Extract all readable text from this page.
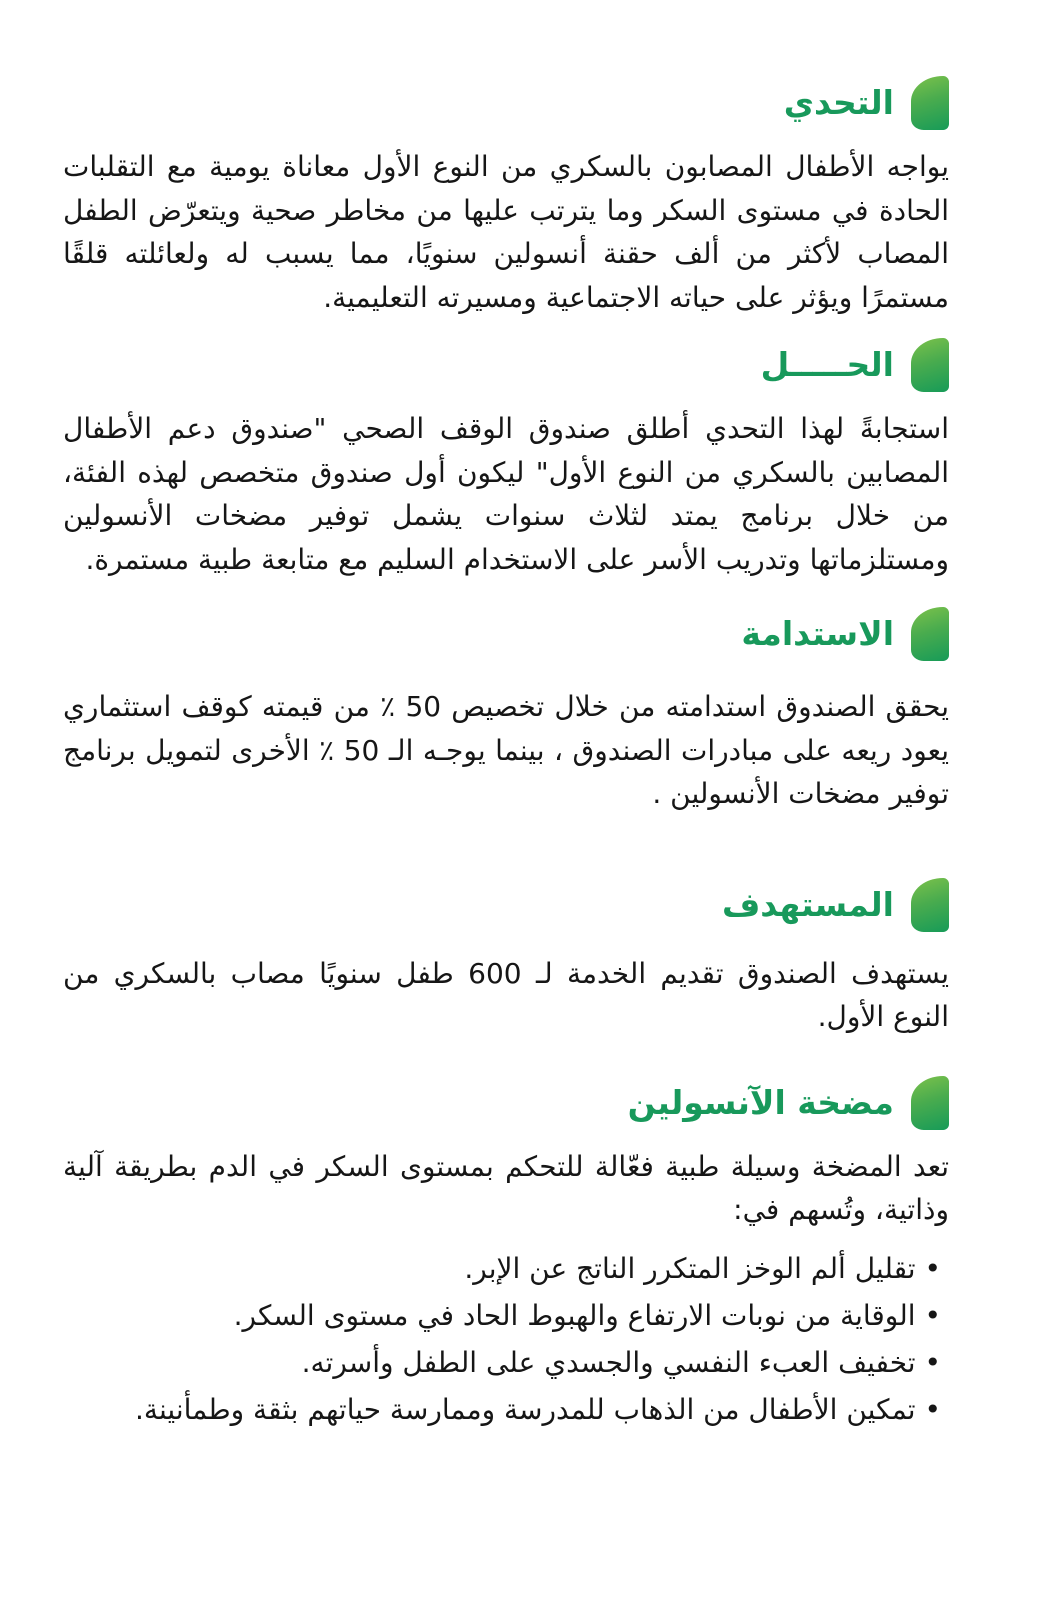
التحدي

يواجه الأطفال المصابون بالسكري من النوع الأول معاناة يومية مع التقلبات الحادة في مستوى السكر وما يترتب عليها من مخاطر صحية ويتعرّض الطفل المصاب لأكثر من ألف حقنة أنسولين سنويًا، مما يسبب له ولعائلته قلقًا مستمرًا ويؤثر على حياته الاجتماعية ومسيرته التعليمية.

الحـــــل

استجابةً لهذا التحدي أطلق صندوق الوقف الصحي "صندوق دعم الأطفال المصابين بالسكري من النوع الأول" ليكون أول صندوق متخصص لهذه الفئة، من خلال برنامج يمتد لثلاث سنوات يشمل توفير مضخات الأنسولين ومستلزماتها وتدريب الأسر على الاستخدام السليم مع متابعة طبية مستمرة.

الاستدامة

يحقق الصندوق استدامته من خلال تخصيص 50 ٪ من قيمته كوقف استثماري يعود ريعه على مبادرات الصندوق ، بينما يوجـه الـ 50 ٪ الأخرى لتمويل برنامج توفير مضخات الأنسولين .

المستهدف

يستهدف الصندوق تقديم الخدمة لـ 600 طفل سنويًا مصاب بالسكري من النوع الأول.

مضخة الآنسولين

تعد المضخة وسيلة طبية فعّالة للتحكم بمستوى السكر في الدم بطريقة آلية وذاتية، وتُسهم في:

• تقليل ألم الوخز المتكرر الناتج عن الإبر.
• الوقاية من نوبات الارتفاع والهبوط الحاد في مستوى السكر.
• تخفيف العبء النفسي والجسدي على الطفل وأسرته.
• تمكين الأطفال من الذهاب للمدرسة وممارسة حياتهم بثقة وطمأنينة.
